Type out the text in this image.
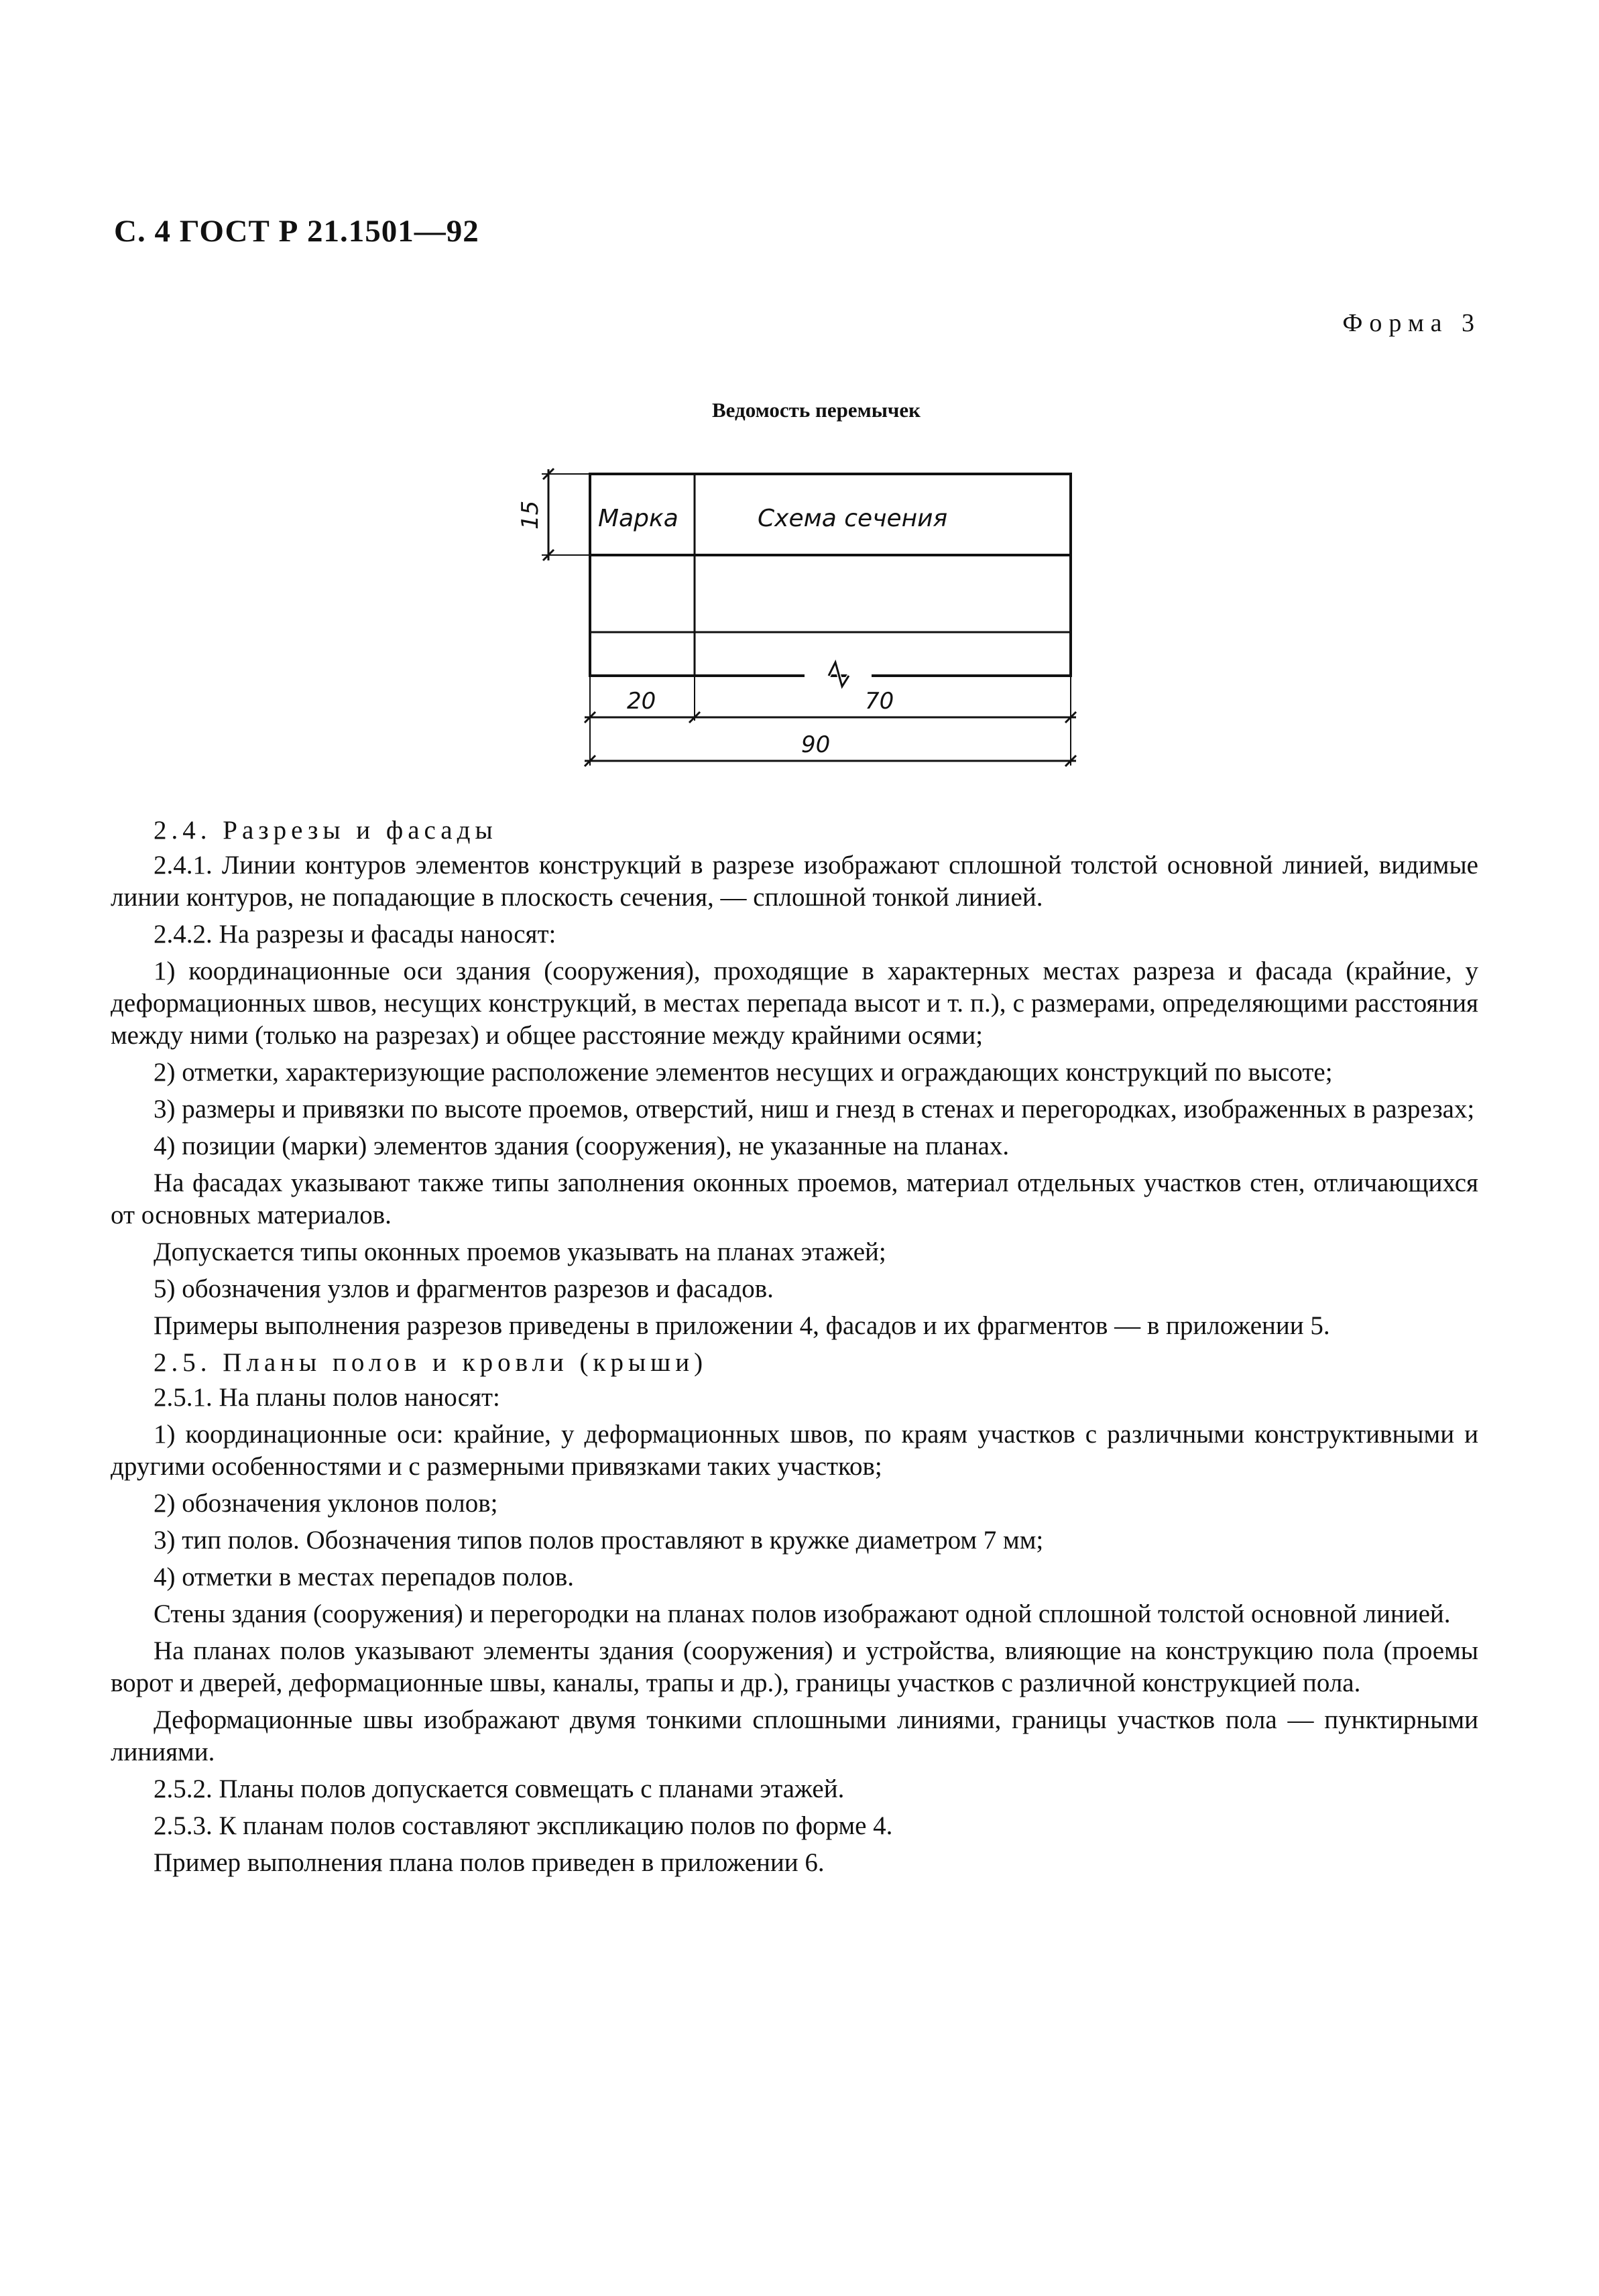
С. 4 ГОСТ Р 21.1501—92
Форма 3
Ведомость перемычек
Марка	Схема сечения
15
20	70
90

2.4. Разрезы и фасады

2.4.1. Линии контуров элементов конструкций в разрезе изображают сплошной толстой основной линией, видимые линии контуров, не попадающие в плоскость сечения, — сплошной тонкой линией.

2.4.2. На разрезы и фасады наносят:

1) координационные оси здания (сооружения), проходящие в характерных местах разреза и фасада (крайние, у деформационных швов, несущих конструкций, в местах перепада высот и т. п.), с размерами, определяющими расстояния между ними (только на разрезах) и общее расстояние между крайними осями;

2) отметки, характеризующие расположение элементов несущих и ограждающих конструкций по высоте;

3) размеры и привязки по высоте проемов, отверстий, ниш и гнезд в стенах и перегородках, изображенных в разрезах;

4) позиции (марки) элементов здания (сооружения), не указанные на планах.

На фасадах указывают также типы заполнения оконных проемов, материал отдельных участков стен, отличающихся от основных материалов.

Допускается типы оконных проемов указывать на планах этажей;

5) обозначения узлов и фрагментов разрезов и фасадов.

Примеры выполнения разрезов приведены в приложении 4, фасадов и их фрагментов — в приложении 5.

2.5. Планы полов и кровли (крыши)

2.5.1. На планы полов наносят:

1) координационные оси: крайние, у деформационных швов, по краям участков с различными конструктивными и другими особенностями и с размерными привязками таких участков;

2) обозначения уклонов полов;

3) тип полов. Обозначения типов полов проставляют в кружке диаметром 7 мм;

4) отметки в местах перепадов полов.

Стены здания (сооружения) и перегородки на планах полов изображают одной сплошной толстой основной линией.

На планах полов указывают элементы здания (сооружения) и устройства, влияющие на конструкцию пола (проемы ворот и дверей, деформационные швы, каналы, трапы и др.), границы участков с различной конструкцией пола.

Деформационные швы изображают двумя тонкими сплошными линиями, границы участков пола — пунктирными линиями.

2.5.2. Планы полов допускается совмещать с планами этажей.

2.5.3. К планам полов составляют экспликацию полов по форме 4.

Пример выполнения плана полов приведен в приложении 6.
